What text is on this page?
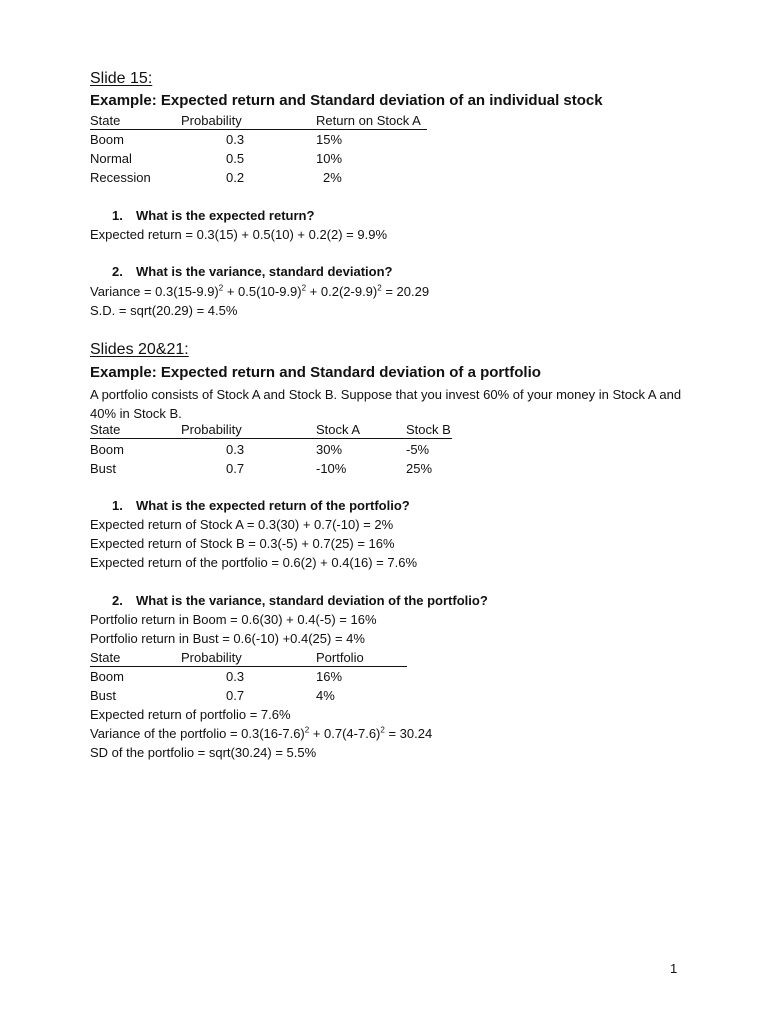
Slide 15:
Example: Expected return and Standard deviation of an individual stock
State	Probability	Return on Stock A
Boom	0.3	15%
Normal	0.5	10%
Recession	0.2	2%
1. What is the expected return?
Expected return = 0.3(15) + 0.5(10) + 0.2(2) = 9.9%
2. What is the variance, standard deviation?
Variance = $0.3(15-9.9)^2 + 0.5(10-9.9)^2 + 0.2(2-9.9)^2 = 20.29$
S.D. = sqrt(20.29) = 4.5%
Slides 20&21:
Example: Expected return and Standard deviation of a portfolio
A portfolio consists of Stock A and Stock B. Suppose that you invest 60% of your money in Stock A and 40% in Stock B.
State	Probability	Stock A	Stock B
Boom	0.3	30%	-5%
Bust	0.7	-10%	25%
1. What is the expected return of the portfolio?
Expected return of Stock A = 0.3(30) + 0.7(-10) = 2%
Expected return of Stock B = 0.3(-5) + 0.7(25) = 16%
Expected return of the portfolio = 0.6(2) + 0.4(16) = 7.6%
2. What is the variance, standard deviation of the portfolio?
Portfolio return in Boom = 0.6(30) + 0.4(-5) = 16%
Portfolio return in Bust = 0.6(-10) +0.4(25) = 4%
State	Probability	Portfolio
Boom	0.3	16%
Bust	0.7	4%
Expected return of portfolio = 7.6%
Variance of the portfolio = $0.3(16-7.6)^2 + 0.7(4-7.6)^2 = 30.24$
SD of the portfolio = sqrt(30.24) = 5.5%
1
